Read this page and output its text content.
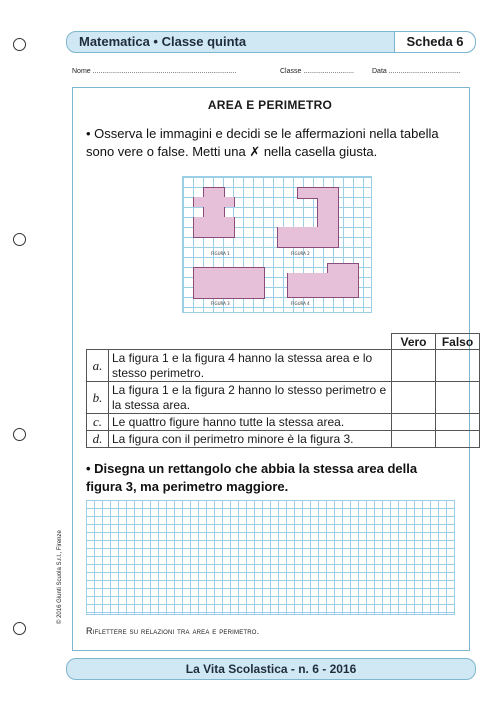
Matematica • Classe quinta	Scheda 6
Nome ..........................................................................	Classe ..........................	Data .....................................
AREA E PERIMETRO
• Osserva le immagini e decidi se le affermazioni nella tabella sono vere o false. Metti una ✗ nella casella giusta.
FIGURA 1	FIGURA 2
FIGURA 3	FIGURA 4
		Vero	Falso
a.	La figura 1 e la figura 4 hanno la stessa area e lo stesso perimetro.		
b.	La figura 1 e la figura 2 hanno lo stesso perimetro e la stessa area.		
c.	Le quattro figure hanno tutte la stessa area.		
d.	La figura con il perimetro minore è la figura 3.		
• Disegna un rettangolo che abbia la stessa area della figura 3, ma perimetro maggiore.
Riflettere su relazioni tra area e perimetro.
© 2016 Giunti Scuola S.r.l., Firenze
La Vita Scolastica - n. 6 - 2016
